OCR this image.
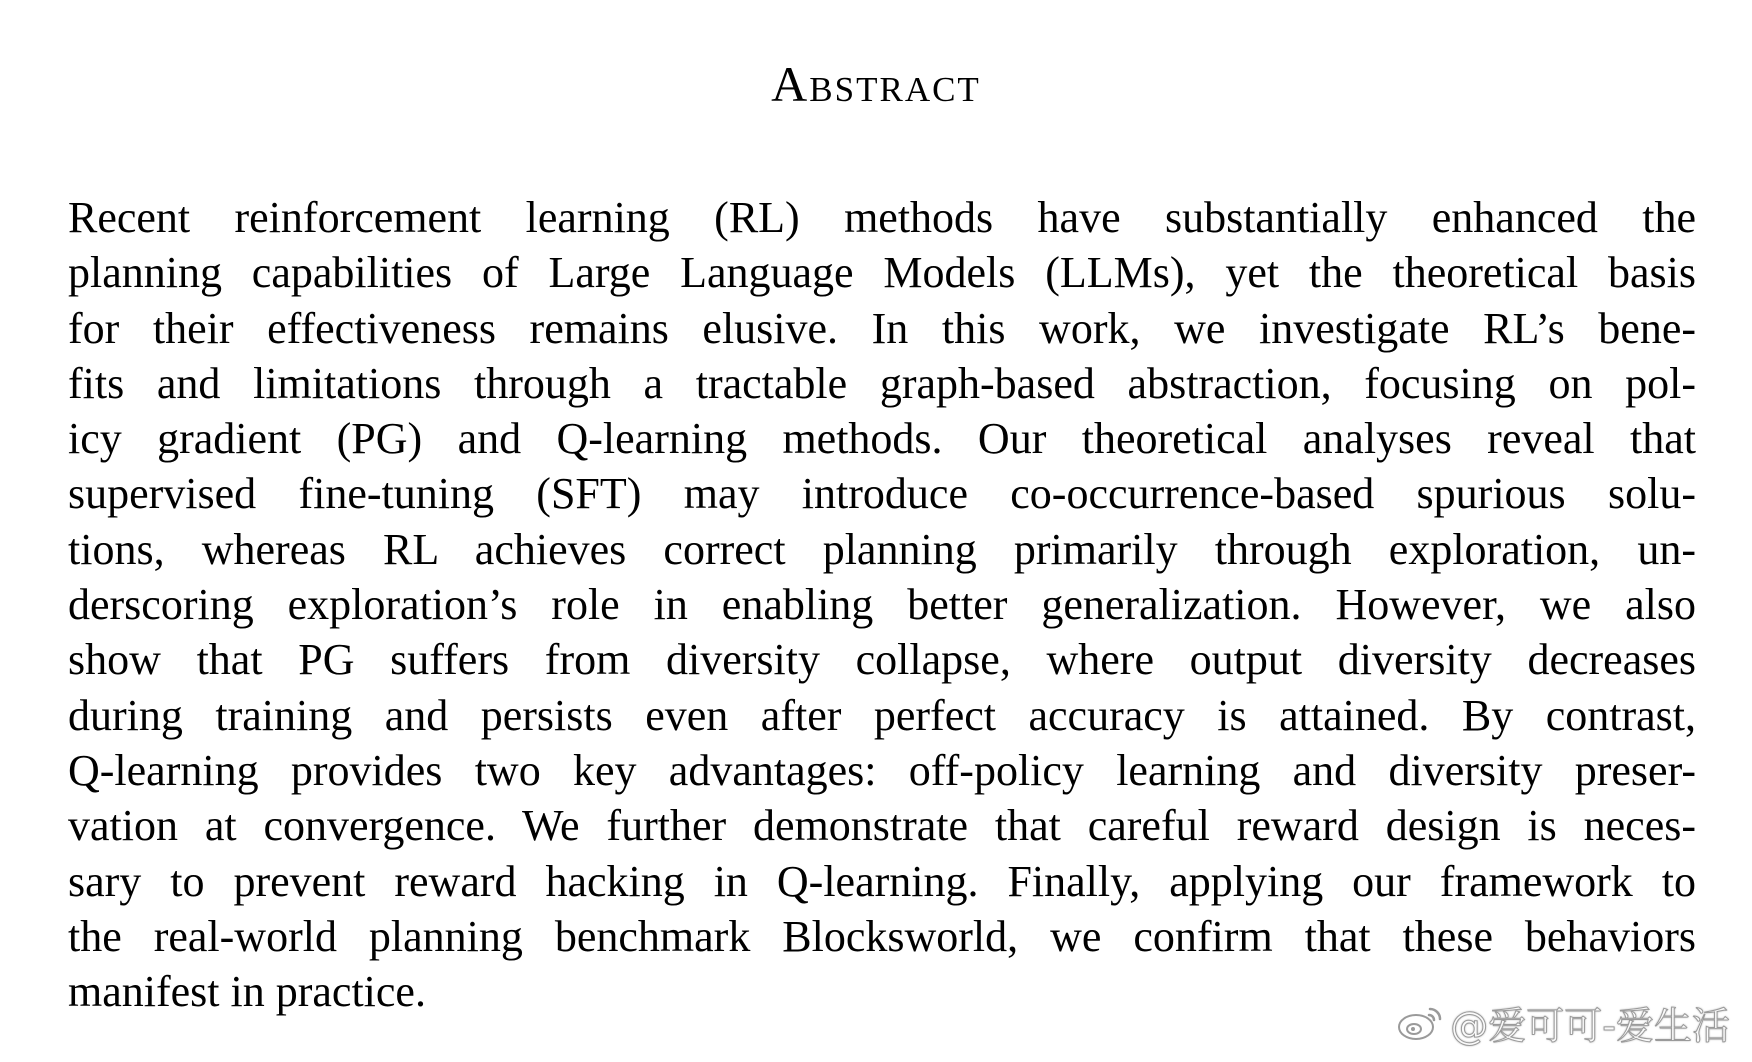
Abstract
Recent reinforcement learning (RL) methods have substantially enhanced the
planning capabilities of Large Language Models (LLMs), yet the theoretical basis
for their effectiveness remains elusive. In this work, we investigate RL’s bene-
fits and limitations through a tractable graph-based abstraction, focusing on pol-
icy gradient (PG) and Q-learning methods. Our theoretical analyses reveal that
supervised fine-tuning (SFT) may introduce co-occurrence-based spurious solu-
tions, whereas RL achieves correct planning primarily through exploration, un-
derscoring exploration’s role in enabling better generalization. However, we also
show that PG suffers from diversity collapse, where output diversity decreases
during training and persists even after perfect accuracy is attained. By contrast,
Q-learning provides two key advantages: off-policy learning and diversity preser-
vation at convergence. We further demonstrate that careful reward design is neces-
sary to prevent reward hacking in Q-learning. Finally, applying our framework to
the real-world planning benchmark Blocksworld, we confirm that these behaviors
manifest in practice.
@爱可可-爱生活
